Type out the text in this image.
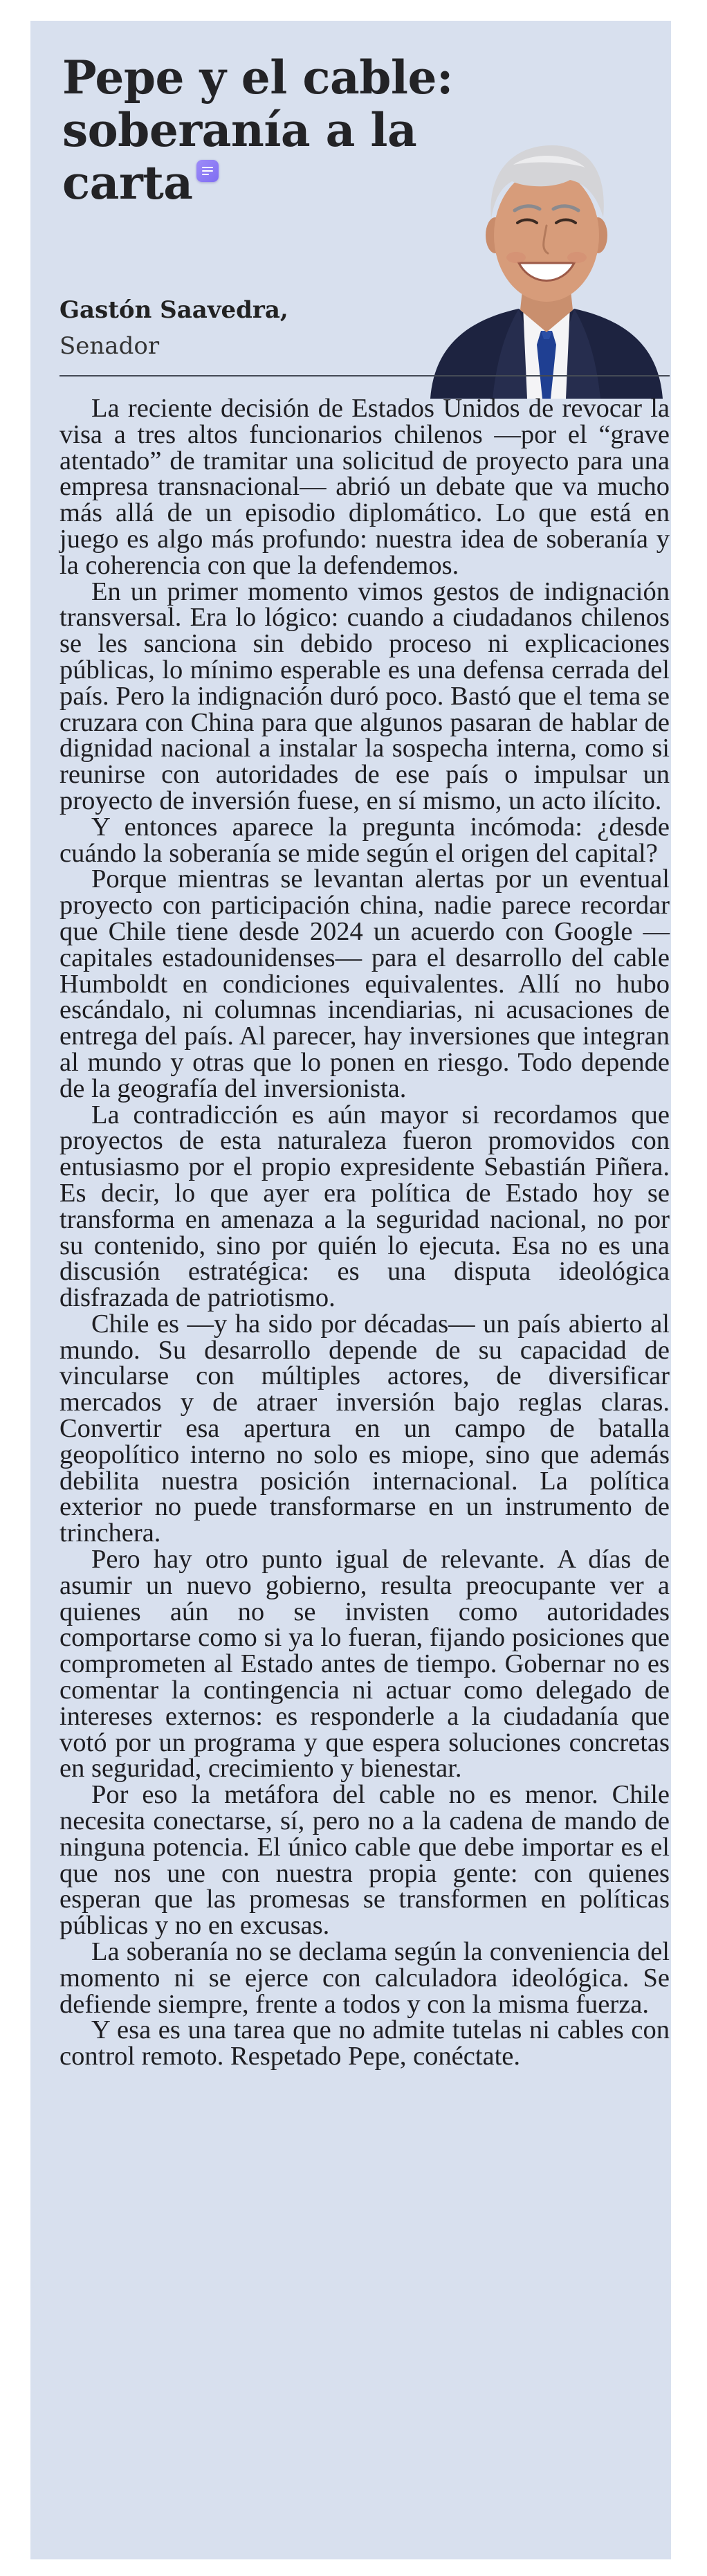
Pepe y el cable: soberanía a la carta

Gastón Saavedra,

Senador

La reciente decisión de Estados Unidos de revocar la visa a tres altos funcionarios chilenos —por el “grave atentado” de tramitar una solicitud de proyecto para una empresa transnacional— abrió un debate que va mucho más allá de un episodio diplomático. Lo que está en juego es algo más profundo: nuestra idea de soberanía y la coherencia con que la defendemos.

En un primer momento vimos gestos de indignación transversal. Era lo lógico: cuando a ciudadanos chilenos se les sanciona sin debido proceso ni explicaciones públicas, lo mínimo esperable es una defensa cerrada del país. Pero la indignación duró poco. Bastó que el tema se cruzara con China para que algunos pasaran de hablar de dignidad nacional a instalar la sospecha interna, como si reunirse con autoridades de ese país o impulsar un proyecto de inversión fuese, en sí mismo, un acto ilícito.

Y entonces aparece la pregunta incómoda: ¿desde cuándo la soberanía se mide según el origen del capital?

Porque mientras se levantan alertas por un eventual proyecto con participación china, nadie parece recordar que Chile tiene desde 2024 un acuerdo con Google —capitales estadounidenses— para el desarrollo del cable Humboldt en condiciones equivalentes. Allí no hubo escándalo, ni columnas incendiarias, ni acusaciones de entrega del país. Al parecer, hay inversiones que integran al mundo y otras que lo ponen en riesgo. Todo depende de la geografía del inversionista.

La contradicción es aún mayor si recordamos que proyectos de esta naturaleza fueron promovidos con entusiasmo por el propio expresidente Sebastián Piñera. Es decir, lo que ayer era política de Estado hoy se transforma en amenaza a la seguridad nacional, no por su contenido, sino por quién lo ejecuta. Esa no es una discusión estratégica: es una disputa ideológica disfrazada de patriotismo.

Chile es —y ha sido por décadas— un país abierto al mundo. Su desarrollo depende de su capacidad de vincularse con múltiples actores, de diversificar mercados y de atraer inversión bajo reglas claras. Convertir esa apertura en un campo de batalla geopolítico interno no solo es miope, sino que además debilita nuestra posición internacional. La política exterior no puede transformarse en un instrumento de trinchera.

Pero hay otro punto igual de relevante. A días de asumir un nuevo gobierno, resulta preocupante ver a quienes aún no se invisten como autoridades comportarse como si ya lo fueran, fijando posiciones que comprometen al Estado antes de tiempo. Gobernar no es comentar la contingencia ni actuar como delegado de intereses externos: es responderle a la ciudadanía que votó por un programa y que espera soluciones concretas en seguridad, crecimiento y bienestar.

Por eso la metáfora del cable no es menor. Chile necesita conectarse, sí, pero no a la cadena de mando de ninguna potencia. El único cable que debe importar es el que nos une con nuestra propia gente: con quienes esperan que las promesas se transformen en políticas públicas y no en excusas.

La soberanía no se declama según la conveniencia del momento ni se ejerce con calculadora ideológica. Se defiende siempre, frente a todos y con la misma fuerza.

Y esa es una tarea que no admite tutelas ni cables con control remoto. Respetado Pepe, conéctate.
